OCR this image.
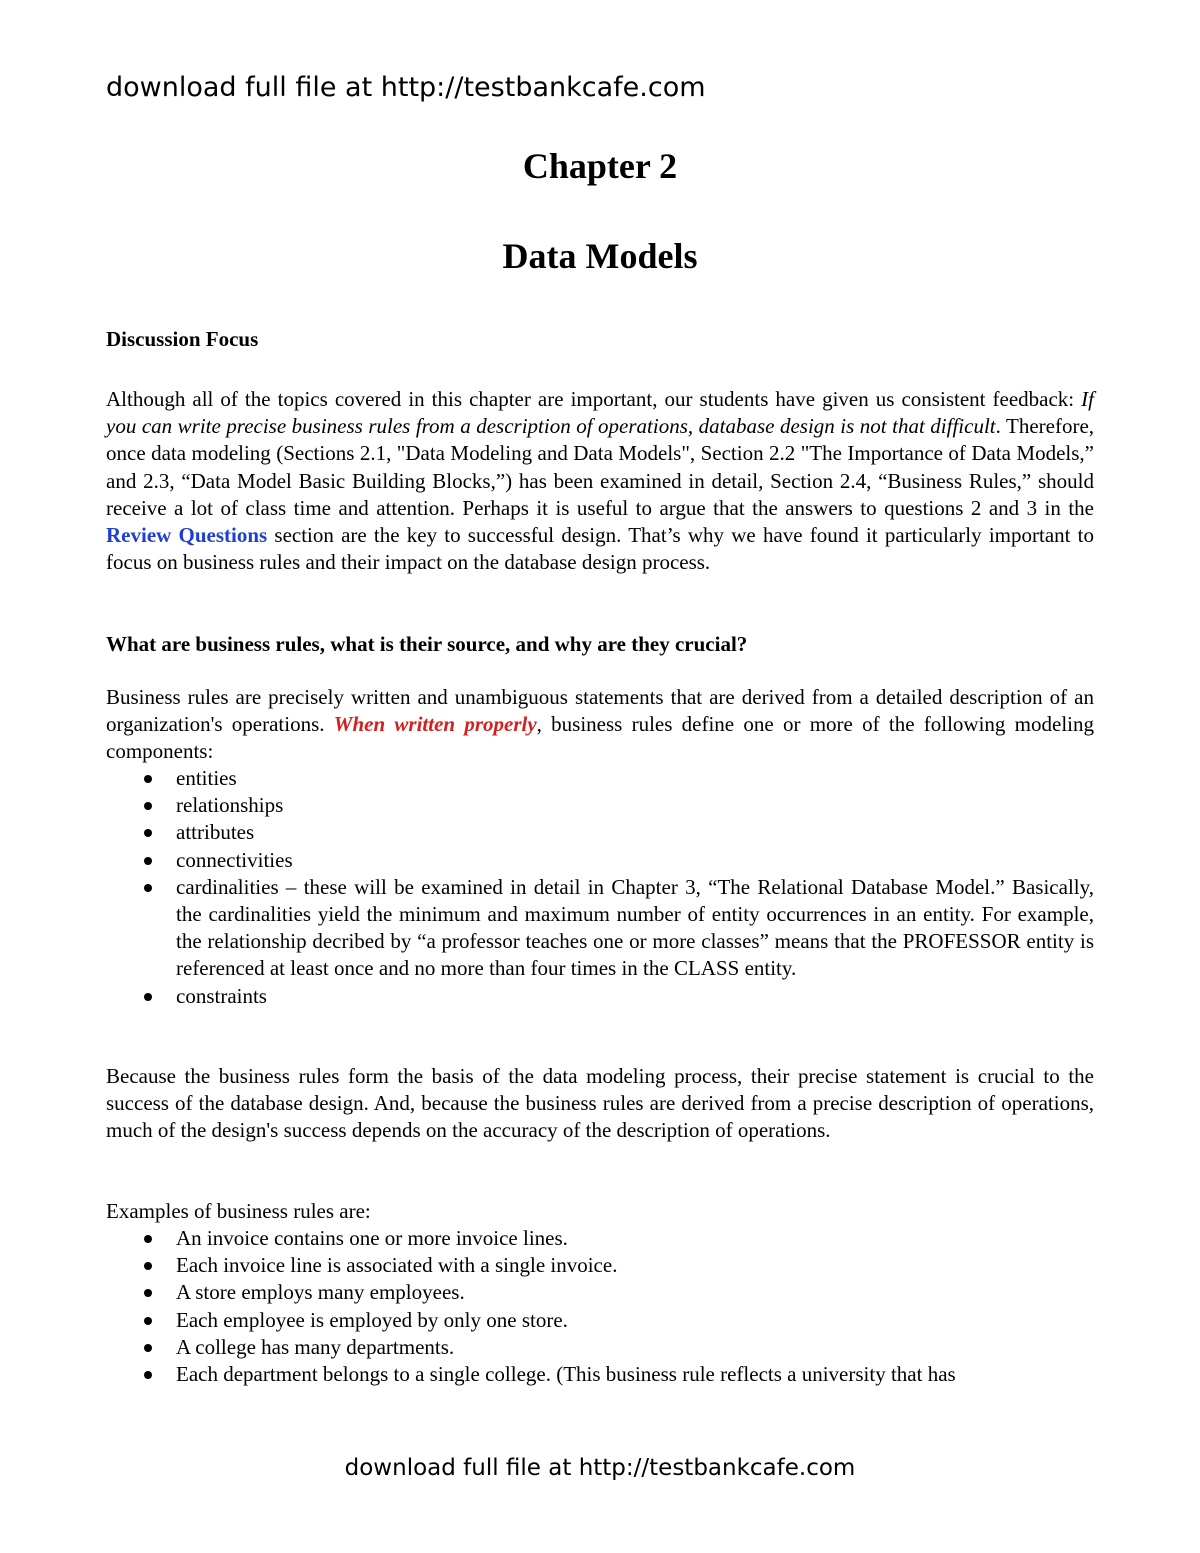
download full file at http://testbankcafe.com
Chapter 2
Data Models
Discussion Focus
Although all of the topics covered in this chapter are important, our students have given us consistent feedback: If you can write precise business rules from a description of operations, database design is not that difficult. Therefore, once data modeling (Sections 2.1, "Data Modeling and Data Models", Section 2.2 "The Importance of Data Models,” and 2.3, “Data Model Basic Building Blocks,”) has been examined in detail, Section 2.4, “Business Rules,” should receive a lot of class time and attention. Perhaps it is useful to argue that the answers to questions 2 and 3 in the Review Questions section are the key to successful design. That’s why we have found it particularly important to focus on business rules and their impact on the database design process.
What are business rules, what is their source, and why are they crucial?
Business rules are precisely written and unambiguous statements that are derived from a detailed description of an organization's operations. When written properly, business rules define one or more of the following modeling components:
entities
relationships
attributes
connectivities
cardinalities – these will be examined in detail in Chapter 3, “The Relational Database Model.” Basically, the cardinalities yield the minimum and maximum number of entity occurrences in an entity. For example, the relationship decribed by “a professor teaches one or more classes” means that the PROFESSOR entity is referenced at least once and no more than four times in the CLASS entity.
constraints
Because the business rules form the basis of the data modeling process, their precise statement is crucial to the success of the database design. And, because the business rules are derived from a precise description of operations, much of the design's success depends on the accuracy of the description of operations.
Examples of business rules are:
An invoice contains one or more invoice lines.
Each invoice line is associated with a single invoice.
A store employs many employees.
Each employee is employed by only one store.
A college has many departments.
Each department belongs to a single college. (This business rule reflects a university that has
download full file at http://testbankcafe.com
